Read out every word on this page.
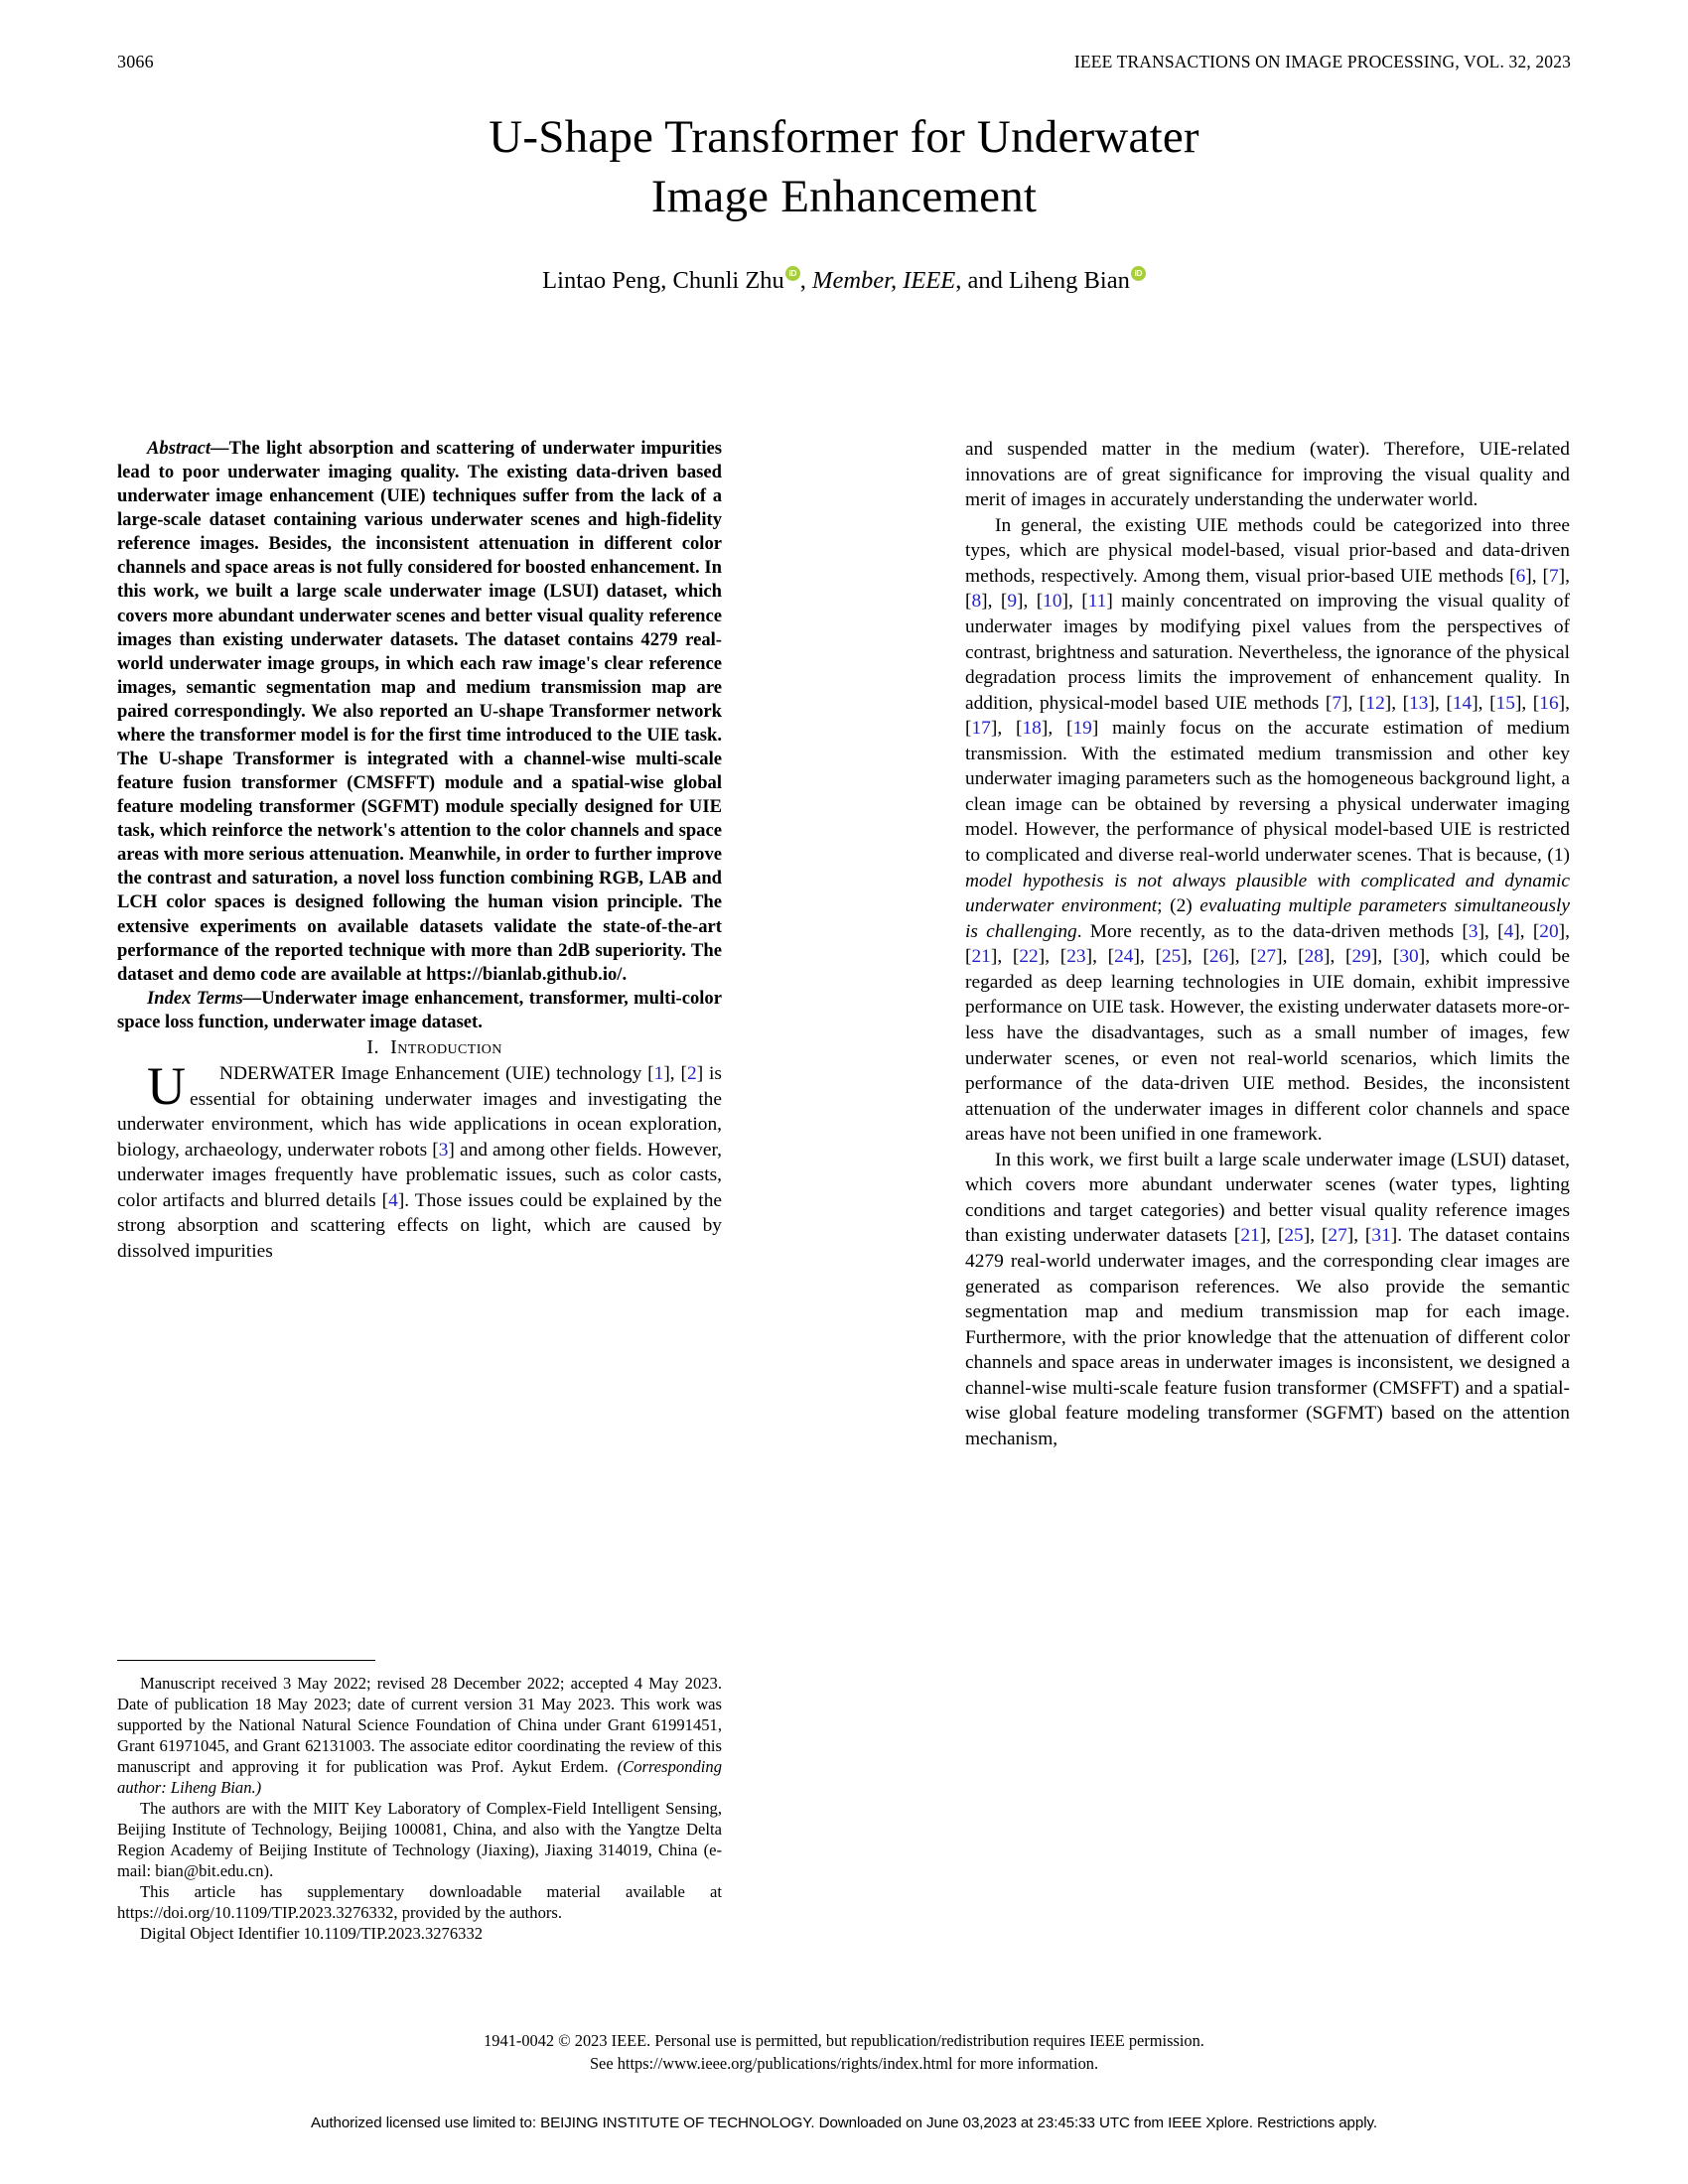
3066	IEEE TRANSACTIONS ON IMAGE PROCESSING, VOL. 32, 2023
U-Shape Transformer for Underwater
Image Enhancement
Lintao Peng, Chunli Zhu iD , Member, IEEE, and Liheng BianiD

Abstract—The light absorption and scattering of underwater impurities lead to poor underwater imaging quality. The existing data-driven based underwater image enhancement (UIE) techniques suffer from the lack of a large-scale dataset containing various underwater scenes and high-fidelity reference images. Besides, the inconsistent attenuation in different color channels and space areas is not fully considered for boosted enhancement. In this work, we built a large scale underwater image (LSUI) dataset, which covers more abundant underwater scenes and better visual quality reference images than existing underwater datasets. The dataset contains 4279 real-world underwater image groups, in which each raw image's clear reference images, semantic segmentation map and medium transmission map are paired correspondingly. We also reported an U-shape Transformer network where the transformer model is for the first time introduced to the UIE task. The U-shape Transformer is integrated with a channel-wise multi-scale feature fusion transformer (CMSFFT) module and a spatial-wise global feature modeling transformer (SGFMT) module specially designed for UIE task, which reinforce the network's attention to the color channels and space areas with more serious attenuation. Meanwhile, in order to further improve the contrast and saturation, a novel loss function combining RGB, LAB and LCH color spaces is designed following the human vision principle. The extensive experiments on available datasets validate the state-of-the-art performance of the reported technique with more than 2dB superiority. The dataset and demo code are available at https://bianlab.github.io/.

Index Terms—Underwater image enhancement, transformer, multi-color space loss function, underwater image dataset.

I. Introduction

U NDERWATER Image Enhancement (UIE) technology [1], [2] is essential for obtaining underwater images and investigating the underwater environment, which has wide applications in ocean exploration, biology, archaeology, underwater robots [3] and among other fields. However, underwater images frequently have problematic issues, such as color casts, color artifacts and blurred details [4]. Those issues could be explained by the strong absorption and scattering effects on light, which are caused by dissolved impurities

and suspended matter in the medium (water). Therefore, UIE-related innovations are of great significance for improving the visual quality and merit of images in accurately understanding the underwater world.

In general, the existing UIE methods could be categorized into three types, which are physical model-based, visual prior-based and data-driven methods, respectively. Among them, visual prior-based UIE methods [6], [7], [8], [9], [10], [11] mainly concentrated on improving the visual quality of underwater images by modifying pixel values from the perspectives of contrast, brightness and saturation. Nevertheless, the ignorance of the physical degradation process limits the improvement of enhancement quality. In addition, physical-model based UIE methods [7], [12], [13], [14], [15], [16], [17], [18], [19] mainly focus on the accurate estimation of medium transmission. With the estimated medium transmission and other key underwater imaging parameters such as the homogeneous background light, a clean image can be obtained by reversing a physical underwater imaging model. However, the performance of physical model-based UIE is restricted to complicated and diverse real-world underwater scenes. That is because, (1) model hypothesis is not always plausible with complicated and dynamic underwater environment; (2) evaluating multiple parameters simultaneously is challenging. More recently, as to the data-driven methods [3], [4], [20], [21], [22], [23], [24], [25], [26], [27], [28], [29], [30], which could be regarded as deep learning technologies in UIE domain, exhibit impressive performance on UIE task. However, the existing underwater datasets more-or-less have the disadvantages, such as a small number of images, few underwater scenes, or even not real-world scenarios, which limits the performance of the data-driven UIE method. Besides, the inconsistent attenuation of the underwater images in different color channels and space areas have not been unified in one framework.

In this work, we first built a large scale underwater image (LSUI) dataset, which covers more abundant underwater scenes (water types, lighting conditions and target categories) and better visual quality reference images than existing underwater datasets [21], [25], [27], [31]. The dataset contains 4279 real-world underwater images, and the corresponding clear images are generated as comparison references. We also provide the semantic segmentation map and medium transmission map for each image. Furthermore, with the prior knowledge that the attenuation of different color channels and space areas in underwater images is inconsistent, we designed a channel-wise multi-scale feature fusion transformer (CMSFFT) and a spatial-wise global feature modeling transformer (SGFMT) based on the attention mechanism,

Manuscript received 3 May 2022; revised 28 December 2022; accepted 4 May 2023. Date of publication 18 May 2023; date of current version 31 May 2023. This work was supported by the National Natural Science Foundation of China under Grant 61991451, Grant 61971045, and Grant 62131003. The associate editor coordinating the review of this manuscript and approving it for publication was Prof. Aykut Erdem. (Corresponding author: Liheng Bian.)

The authors are with the MIIT Key Laboratory of Complex-Field Intelligent Sensing, Beijing Institute of Technology, Beijing 100081, China, and also with the Yangtze Delta Region Academy of Beijing Institute of Technology (Jiaxing), Jiaxing 314019, China (e-mail: bian@bit.edu.cn).

This article has supplementary downloadable material available at https://doi.org/10.1109/TIP.2023.3276332, provided by the authors.

Digital Object Identifier 10.1109/TIP.2023.3276332

1941-0042 © 2023 IEEE. Personal use is permitted, but republication/redistribution requires IEEE permission.
See https://www.ieee.org/publications/rights/index.html for more information.
Authorized licensed use limited to: BEIJING INSTITUTE OF TECHNOLOGY. Downloaded on June 03,2023 at 23:45:33 UTC from IEEE Xplore. Restrictions apply.
